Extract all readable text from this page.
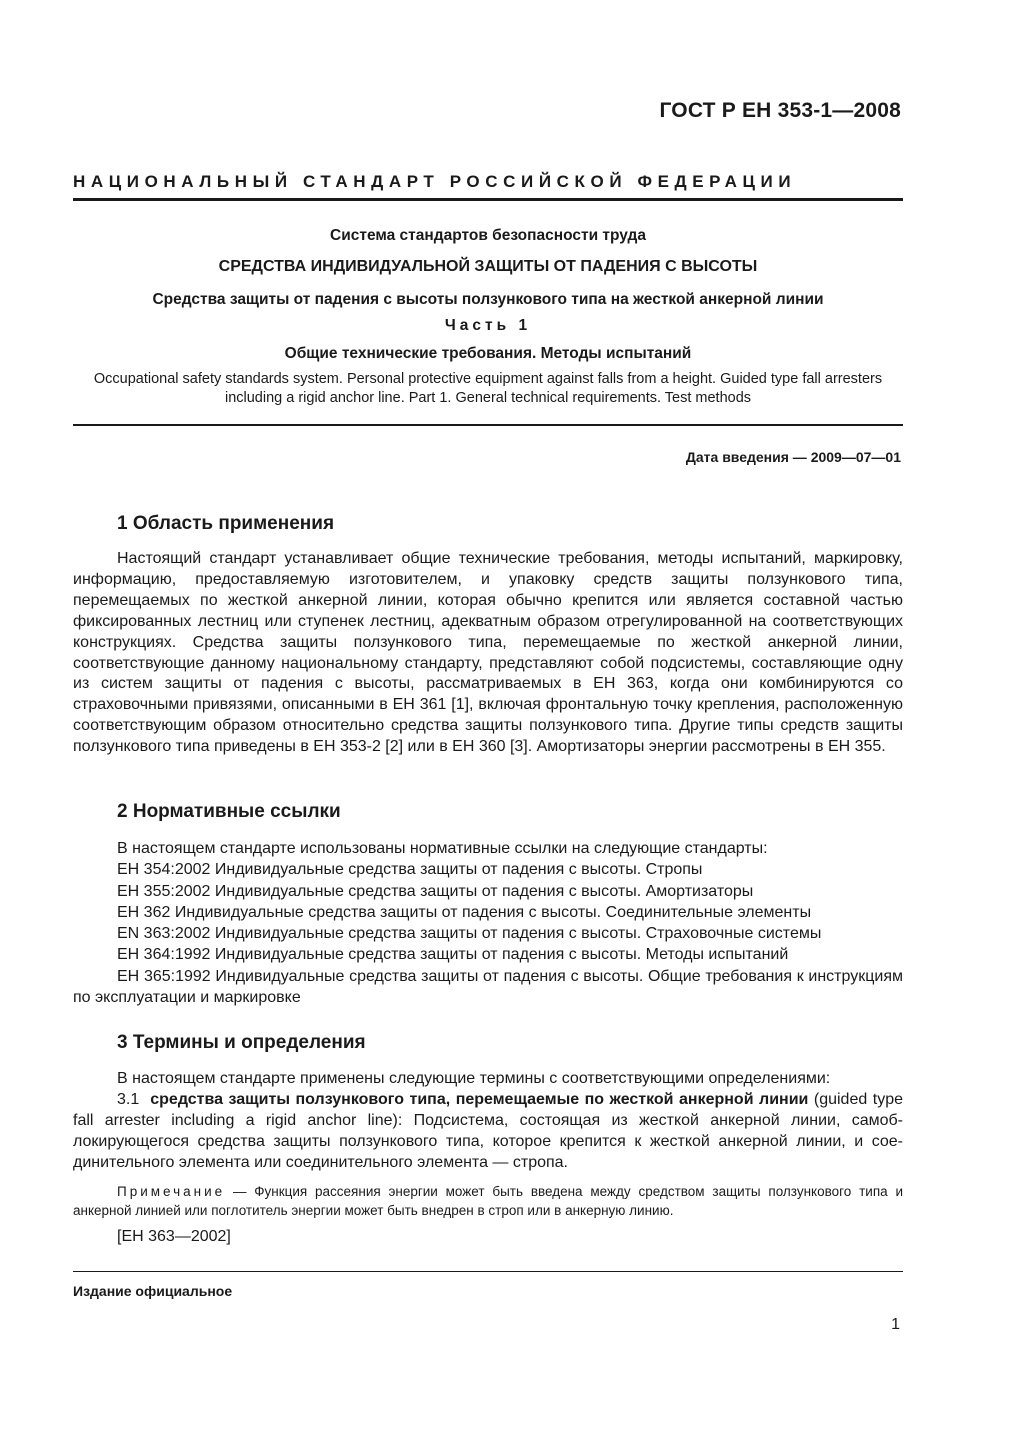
ГОСТ Р ЕН 353-1—2008
НАЦИОНАЛЬНЫЙ СТАНДАРТ РОССИЙСКОЙ ФЕДЕРАЦИИ
Система стандартов безопасности труда
СРЕДСТВА ИНДИВИДУАЛЬНОЙ ЗАЩИТЫ ОТ ПАДЕНИЯ С ВЫСОТЫ
Средства защиты от падения с высоты ползункового типа на жесткой анкерной линии
Часть 1
Общие технические требования. Методы испытаний
Occupational safety standards system. Personal protective equipment against falls from a height. Guided type fall arresters including a rigid anchor line. Part 1. General technical requirements. Test methods
Дата введения — 2009—07—01
1 Область применения

Настоящий стандарт устанавливает общие технические требования, методы испытаний, маркировку, информацию, предоставляемую изготовителем, и упаковку средств защиты ползункового типа, перемещаемых по жесткой анкерной линии, которая обычно крепится или является составной частью фиксированных лестниц или ступенек лестниц, адекватным образом отрегулированной на соответствующих конструкциях. Средства защиты ползункового типа, перемещаемые по жесткой анкерной линии, соответствующие данному национальному стандарту, представляют собой подсистемы, составляющие одну из систем защиты от падения с высоты, рассматриваемых в ЕН 363, когда они комбинируются со страховочными привязями, описанными в ЕН 361 [1], включая фронтальную точку крепления, расположенную соответствующим образом относительно средства защиты ползункового типа. Другие типы средств защиты ползункового типа приведены в ЕН 353-2 [2] или в ЕН 360 [3]. Амортизаторы энергии рассмотрены в ЕН 355.

2 Нормативные ссылки

В настоящем стандарте использованы нормативные ссылки на следующие стандарты:

ЕН 354:2002 Индивидуальные средства защиты от падения с высоты. Стропы

ЕН 355:2002 Индивидуальные средства защиты от падения с высоты. Амортизаторы

ЕН 362 Индивидуальные средства защиты от падения с высоты. Соединительные элементы

EN 363:2002 Индивидуальные средства защиты от падения с высоты. Страховочные системы

ЕН 364:1992 Индивидуальные средства защиты от падения с высоты. Методы испытаний

ЕН 365:1992 Индивидуальные средства защиты от падения с высоты. Общие требования к инструкциям по эксплуатации и маркировке

3 Термины и определения

В настоящем стандарте применены следующие термины с соответствующими определениями:

3.1 средства защиты ползункового типа, перемещаемые по жесткой анкерной линии (guided type fall arrester including a rigid anchor line): Подсистема, состоящая из жесткой анкерной линии, самоблокирующегося средства защиты ползункового типа, которое крепится к жесткой анкерной линии, и соединительного элемента или соединительного элемента — стропа.

Примечание — Функция рассеяния энергии может быть введена между средством защиты ползункового типа и анкерной линией или поглотитель энергии может быть внедрен в строп или в анкерную линию.
[ЕН 363—2002]
Издание официальное
1
